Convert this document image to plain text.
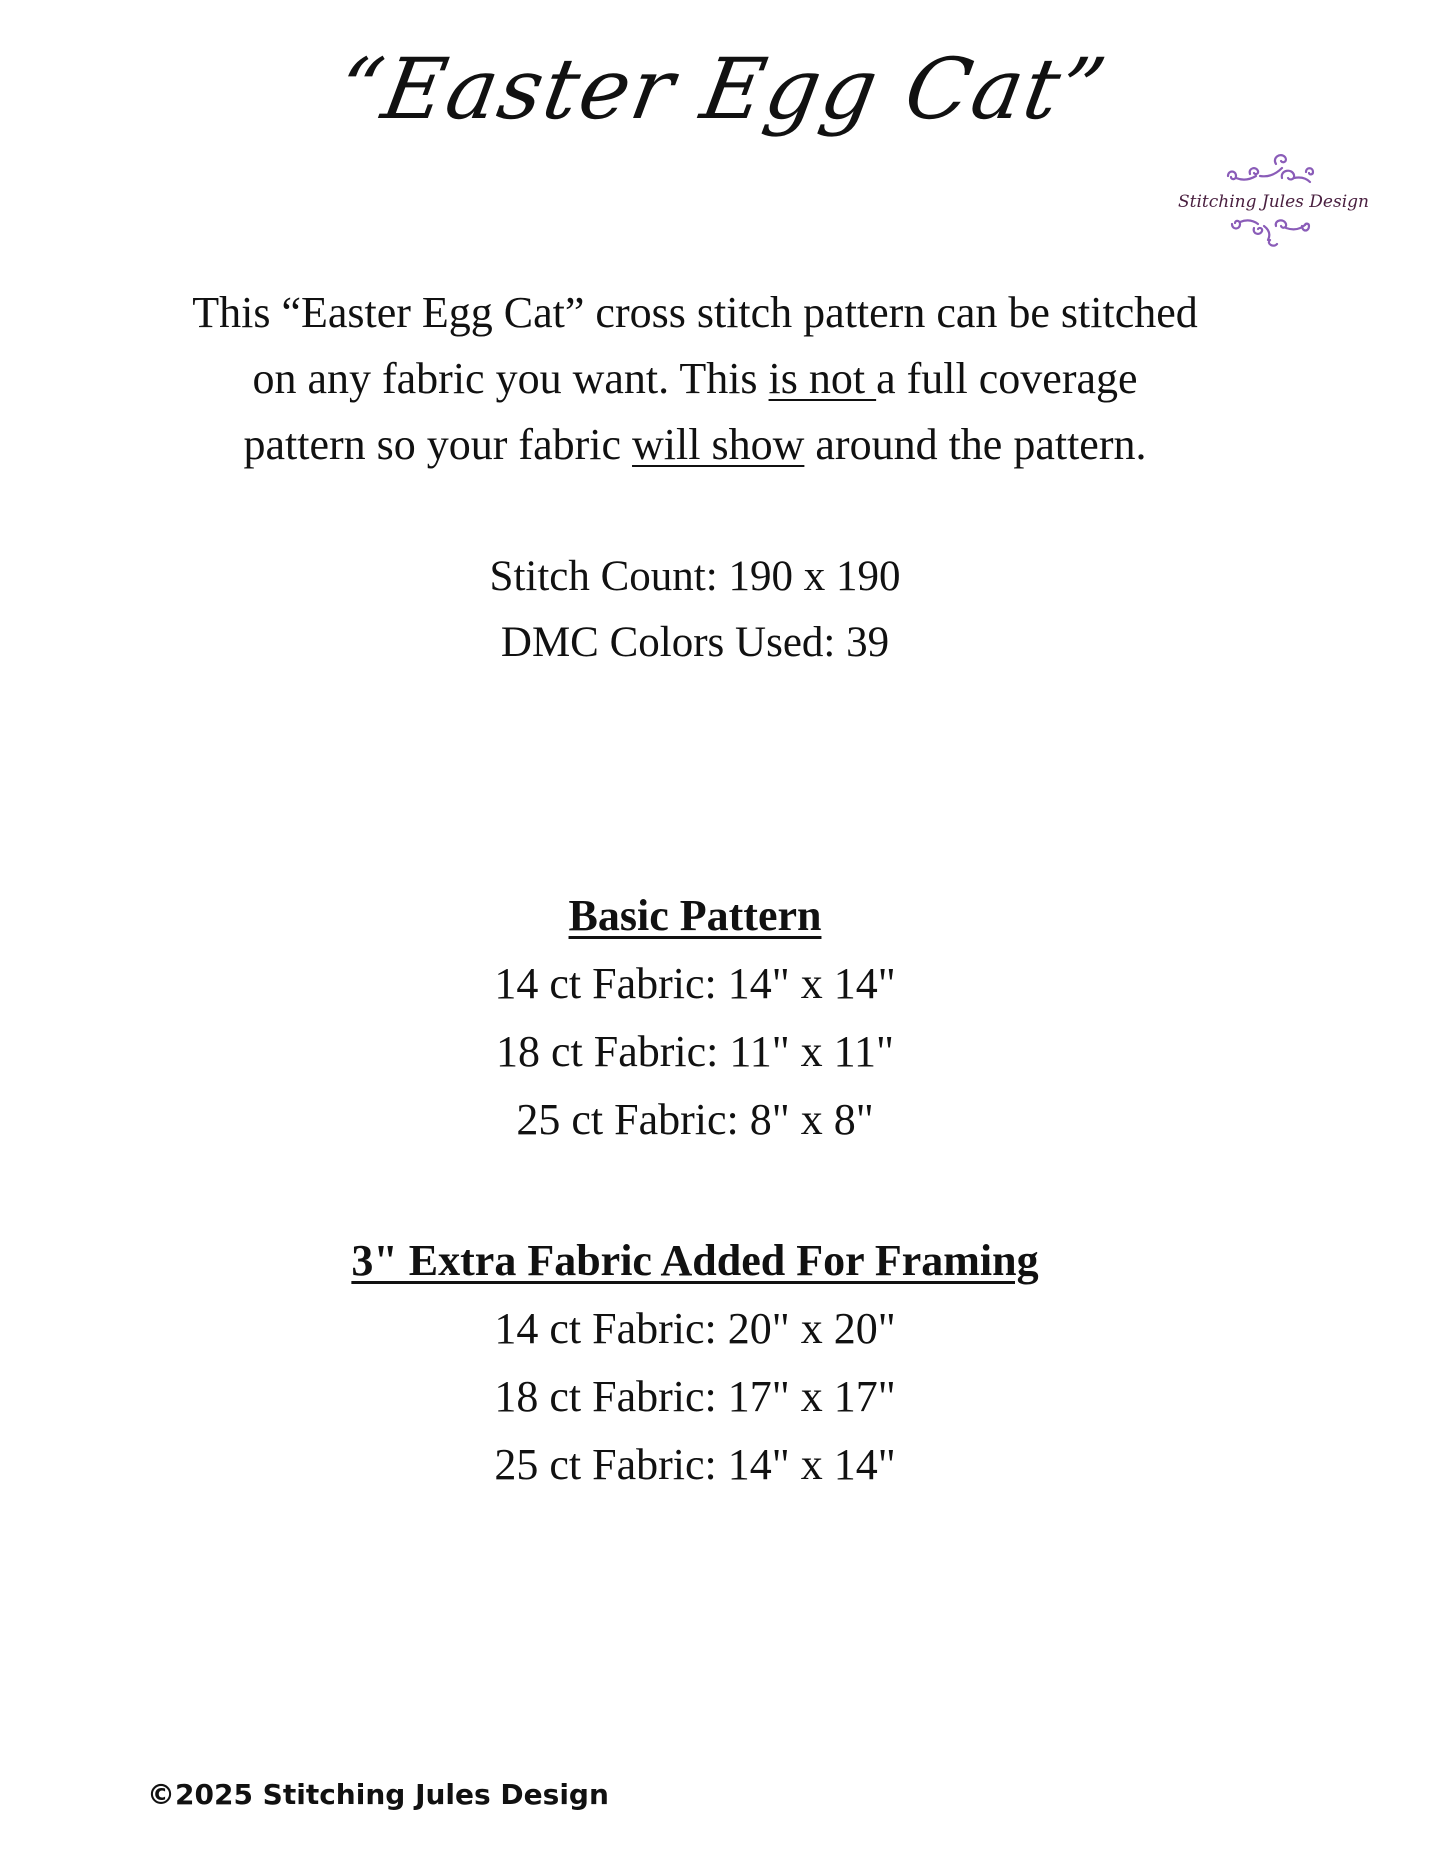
“Easter Egg Cat”
Stitching Jules Design
This “Easter Egg Cat” cross stitch pattern can be stitched
on any fabric you want. This is not a full coverage
pattern so your fabric will show around the pattern.
Stitch Count: 190 x 190
DMC Colors Used: 39
Basic Pattern
14 ct Fabric: 14" x 14"
18 ct Fabric: 11" x 11"
25 ct Fabric: 8" x 8"
3" Extra Fabric Added For Framing
14 ct Fabric: 20" x 20"
18 ct Fabric: 17" x 17"
25 ct Fabric: 14" x 14"
©2025 Stitching Jules Design
